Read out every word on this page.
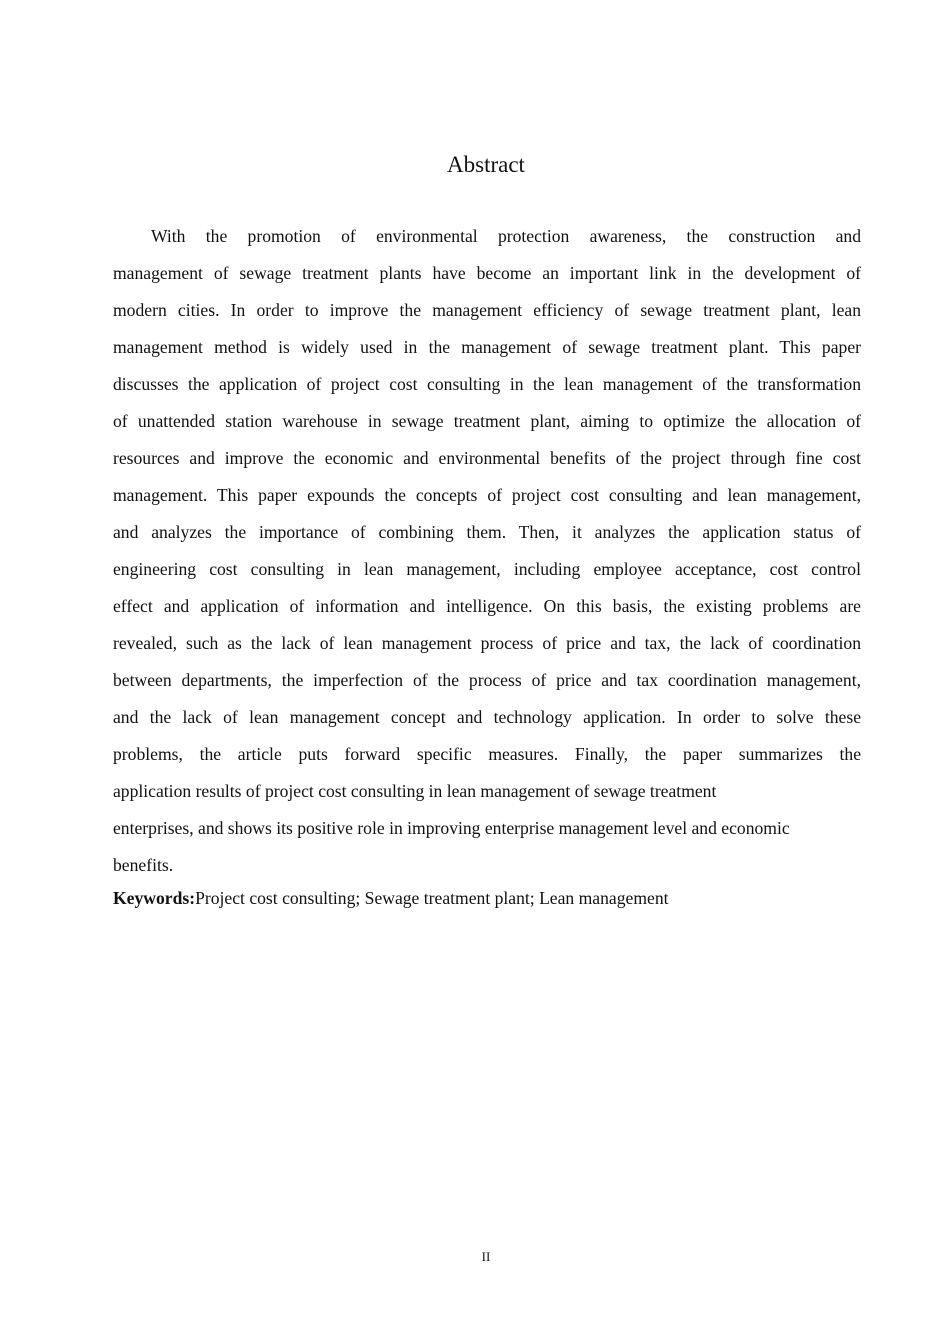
Abstract
With the promotion of environmental protection awareness, the construction and
management of sewage treatment plants have become an important link in the development of
modern cities. In order to improve the management efficiency of sewage treatment plant, lean
management method is widely used in the management of sewage treatment plant. This paper
discusses the application of project cost consulting in the lean management of the transformation
of unattended station warehouse in sewage treatment plant, aiming to optimize the allocation of
resources and improve the economic and environmental benefits of the project through fine cost
management. This paper expounds the concepts of project cost consulting and lean management,
and analyzes the importance of combining them. Then, it analyzes the application status of
engineering cost consulting in lean management, including employee acceptance, cost control
effect and application of information and intelligence. On this basis, the existing problems are
revealed, such as the lack of lean management process of price and tax, the lack of coordination
between departments, the imperfection of the process of price and tax coordination management,
and the lack of lean management concept and technology application. In order to solve these
problems, the article puts forward specific measures. Finally, the paper summarizes the
application results of project cost consulting in lean management of sewage treatment
enterprises, and shows its positive role in improving enterprise management level and economic
benefits.
Keywords:Project cost consulting; Sewage treatment plant; Lean management
II
